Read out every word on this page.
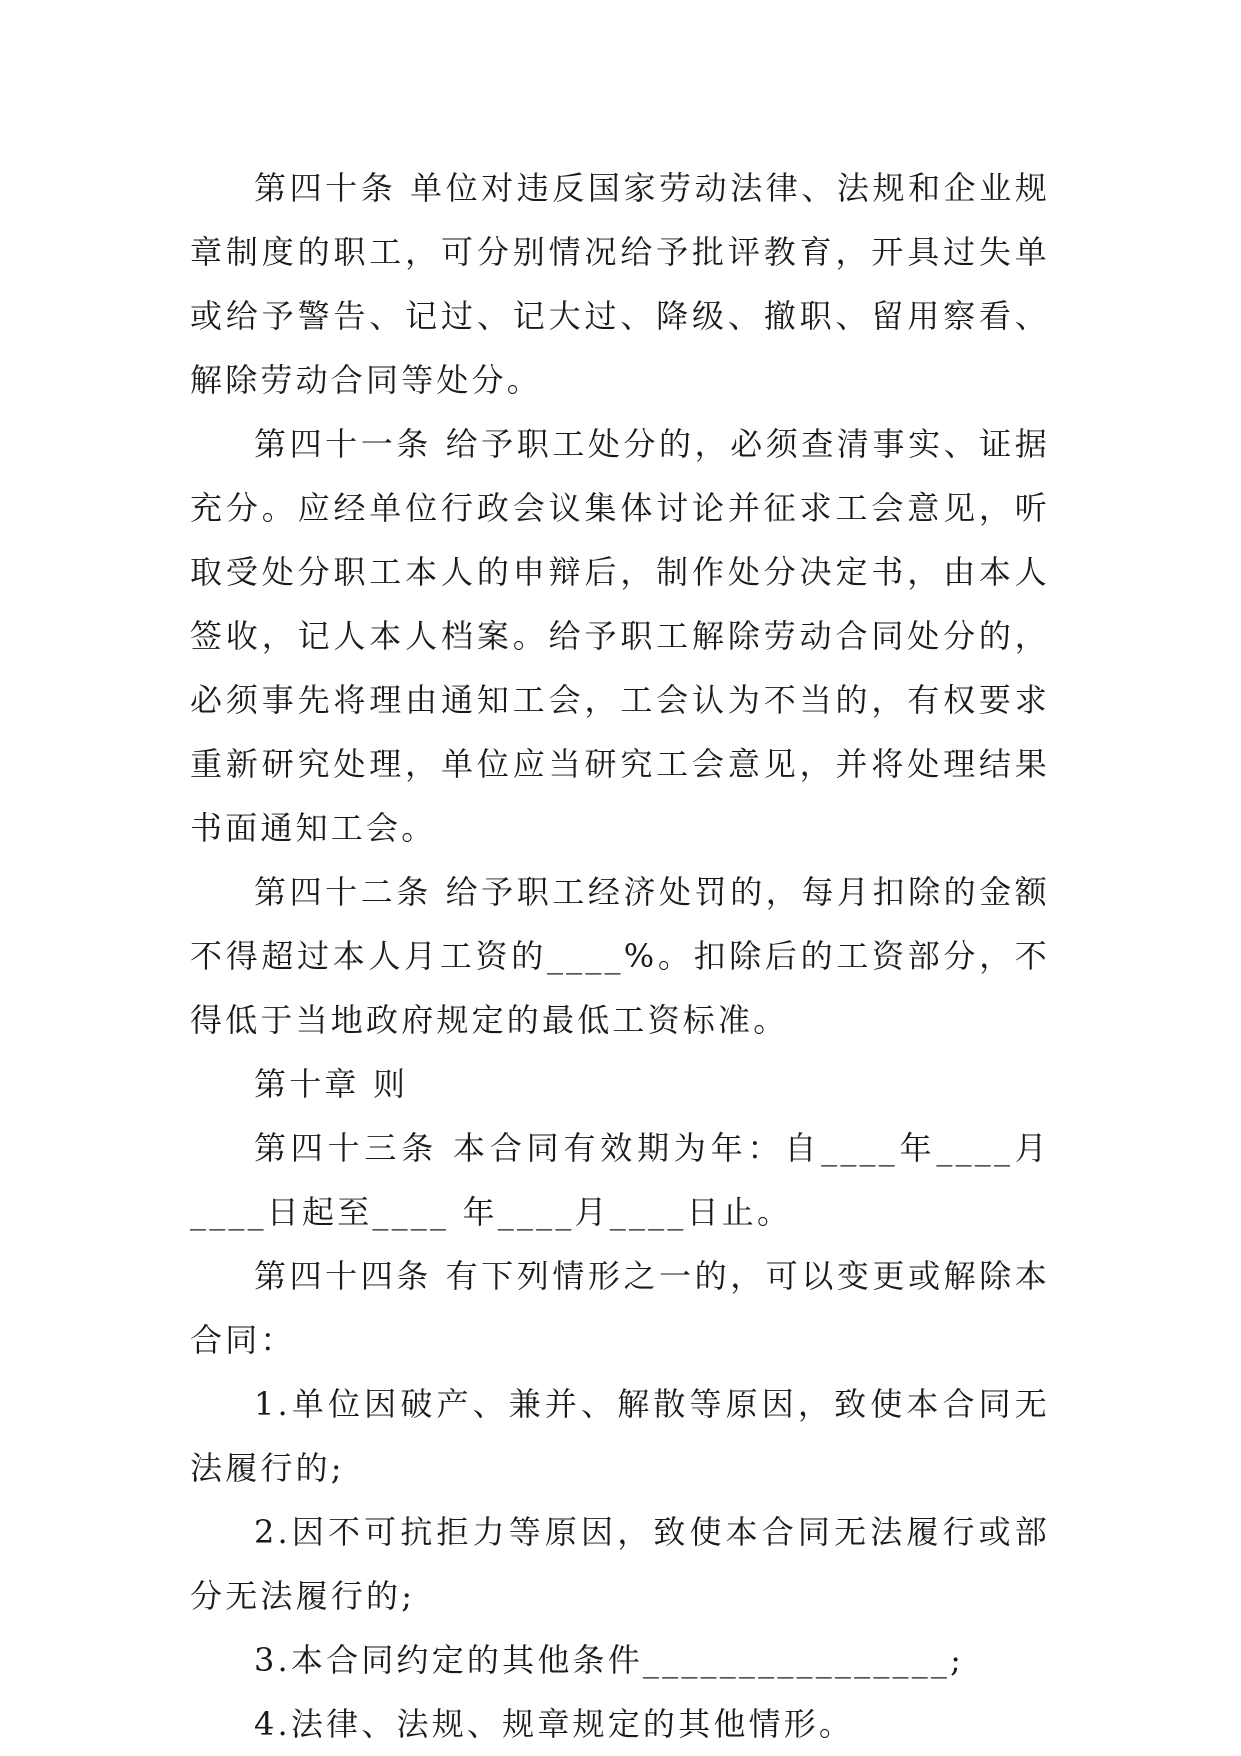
第四十条 单位对违反国家劳动法律、法规和企业规章制度的职工，可分别情况给予批评教育，开具过失单或给予警告、记过、记大过、降级、撤职、留用察看、解除劳动合同等处分。

第四十一条 给予职工处分的，必须查清事实、证据充分。应经单位行政会议集体讨论并征求工会意见，听取受处分职工本人的申辩后，制作处分决定书，由本人签收，记人本人档案。给予职工解除劳动合同处分的，必须事先将理由通知工会，工会认为不当的，有权要求重新研究处理，单位应当研究工会意见，并将处理结果书面通知工会。

第四十二条 给予职工经济处罚的，每月扣除的金额不得超过本人月工资的____%。扣除后的工资部分，不得低于当地政府规定的最低工资标准。

第十章 则

第四十三条 本合同有效期为年：自____年____月____日起至____ 年____月____日止。

第四十四条 有下列情形之一的，可以变更或解除本合同：

1.单位因破产、兼并、解散等原因，致使本合同无法履行的;

2.因不可抗拒力等原因，致使本合同无法履行或部分无法履行的;

3.本合同约定的其他条件________________;

4.法律、法规、规章规定的其他情形。
